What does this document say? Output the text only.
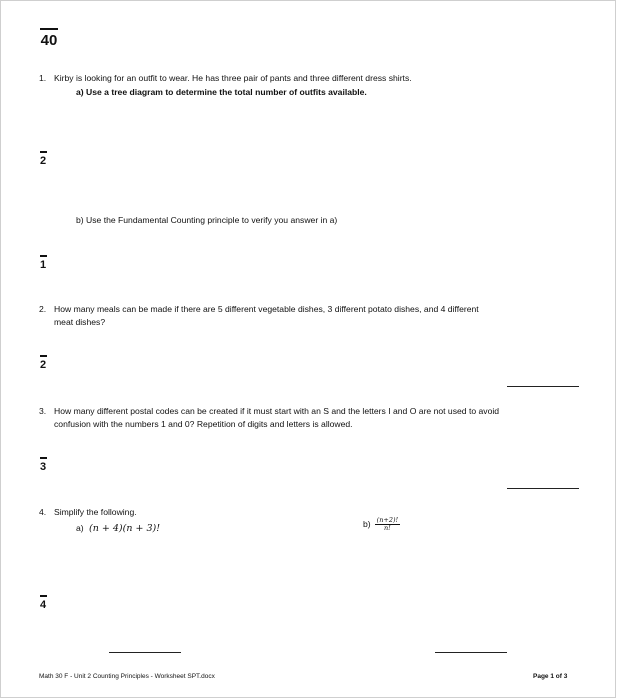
40
1. Kirby is looking for an outfit to wear. He has three pair of pants and three different dress shirts.
a) Use a tree diagram to determine the total number of outfits available.
2
b) Use the Fundamental Counting principle to verify you answer in a)
1
2. How many meals can be made if there are 5 different vegetable dishes, 3 different potato dishes, and 4 different
meat dishes?
2
3. How many different postal codes can be created if it must start with an S and the letters I and O are not used to avoid
confusion with the numbers 1 and 0? Repetition of digits and letters is allowed.
3
4. Simplify the following.
a) (n + 4)(n + 3)!	$b) \frac{(n+2)!}{n!}$
4
Math 30 F - Unit 2 Counting Principles - Worksheet SPT.docx	Page 1 of 3
